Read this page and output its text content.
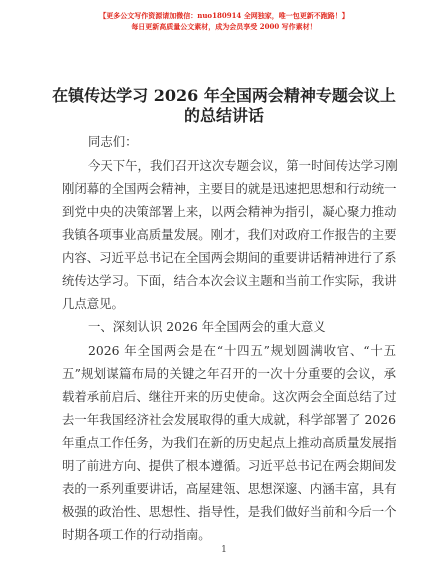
【更多公文写作资源请加微信：nuo180914 全网独家，唯一包更新不跑路！】
每日更新高质量公文素材，成为会员享受 2000 写作素材！
在镇传达学习 2026 年全国两会精神专题会议上
的总结讲话
同志们：
今天下午，我们召开这次专题会议，第一时间传达学习刚
刚闭幕的全国两会精神，主要目的就是迅速把思想和行动统一
到党中央的决策部署上来，以两会精神为指引，凝心聚力推动
我镇各项事业高质量发展。刚才，我们对政府工作报告的主要
内容、习近平总书记在全国两会期间的重要讲话精神进行了系
统传达学习。下面，结合本次会议主题和当前工作实际，我讲
几点意见。
一、深刻认识 2026 年全国两会的重大意义
2026 年全国两会是在“十四五”规划圆满收官、“十五
五”规划谋篇布局的关键之年召开的一次十分重要的会议，承
载着承前启后、继往开来的历史使命。这次两会全面总结了过
去一年我国经济社会发展取得的重大成就，科学部署了 2026
年重点工作任务，为我们在新的历史起点上推动高质量发展指
明了前进方向、提供了根本遵循。习近平总书记在两会期间发
表的一系列重要讲话，高屋建瓴、思想深邃、内涵丰富，具有
极强的政治性、思想性、指导性，是我们做好当前和今后一个
时期各项工作的行动指南。
1
